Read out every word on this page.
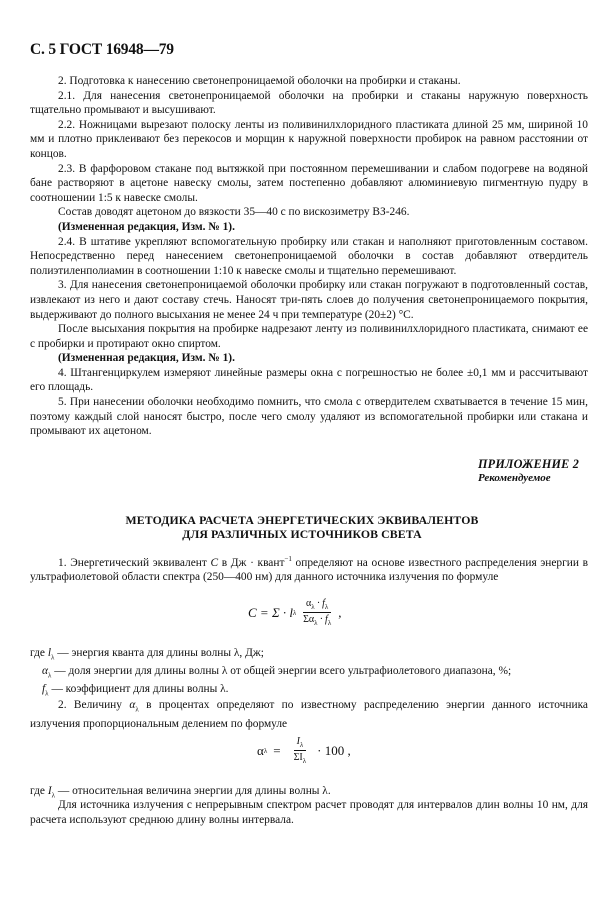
С. 5 ГОСТ 16948—79

2. Подготовка к нанесению светонепроницаемой оболочки на пробирки и стаканы.

2.1. Для нанесения светонепроницаемой оболочки на пробирки и стаканы наружную поверхность тщательно промывают и высушивают.

2.2. Ножницами вырезают полоску ленты из поливинилхлоридного пластиката длиной 25 мм, шириной 10 мм и плотно приклеивают без перекосов и морщин к наружной поверхности пробирок на равном расстоянии от концов.

2.3. В фарфоровом стакане под вытяжкой при постоянном перемешивании и слабом подогреве на водяной бане растворяют в ацетоне навеску смолы, затем постепенно добавляют алюминиевую пигментную пудру в соотношении 1:5 к навеске смолы.

Состав доводят ацетоном до вязкости 35—40 с по вискозиметру ВЗ-246.

(Измененная редакция, Изм. № 1).

2.4. В штативе укрепляют вспомогательную пробирку или стакан и наполняют приготовленным составом. Непосредственно перед нанесением светонепроницаемой оболочки в состав добавляют отвердитель полиэтиленполиамин в соотношении 1:10 к навеске смолы и тщательно перемешивают.

3. Для нанесения светонепроницаемой оболочки пробирку или стакан погружают в подготовленный состав, извлекают из него и дают составу стечь. Наносят три-пять слоев до получения светонепроницаемого покрытия, выдерживают до полного высыхания не менее 24 ч при температуре (20±2) °С.

После высыхания покрытия на пробирке надрезают ленту из поливинилхлоридного пластиката, снимают ее с пробирки и протирают окно спиртом.

(Измененная редакция, Изм. № 1).

4. Штангенциркулем измеряют линейные размеры окна с погрешностью не более ±0,1 мм и рассчитывают его площадь.

5. При нанесении оболочки необходимо помнить, что смола с отвердителем схватывается в течение 15 мин, поэтому каждый слой наносят быстро, после чего смолу удаляют из вспомогательной пробирки или стакана и промывают их ацетоном.

ПРИЛОЖЕНИЕ 2
Рекомендуемое
МЕТОДИКА РАСЧЕТА ЭНЕРГЕТИЧЕСКИХ ЭКВИВАЛЕНТОВ
ДЛЯ РАЗЛИЧНЫХ ИСТОЧНИКОВ СВЕТА

1. Энергетический эквивалент C в Дж · квант$^{-1}$ определяют на основе известного распределения энергии в ультрафиолетовой области спектра (250—400 нм) для данного источника излучения по формуле

C = Σ · l λ $\frac{\alpha_\lambda \cdot f_\lambda}{\Sigma\alpha_\lambda \cdot f_\lambda}$ ,
где $l_\lambda$ — энергия кванта для длины волны λ, Дж;
$\alpha_\lambda$ — доля энергии для длины волны λ от общей энергии всего ультрафиолетового диапазона, %;
$f_\lambda$ — коэффициент для длины волны λ.

2. Величину $\alpha_\lambda$ в процентах определяют по известному распределению энергии данного источника излучения пропорциональным делением по формуле

α $\lambda = \frac{I_\lambda}{\Sigma I_\lambda} \cdot 100$ ,
где $I_\lambda$ — относительная величина энергии для длины волны λ.

Для источника излучения с непрерывным спектром расчет проводят для интервалов длин волны 10 нм, для расчета используют среднюю длину волны интервала.
